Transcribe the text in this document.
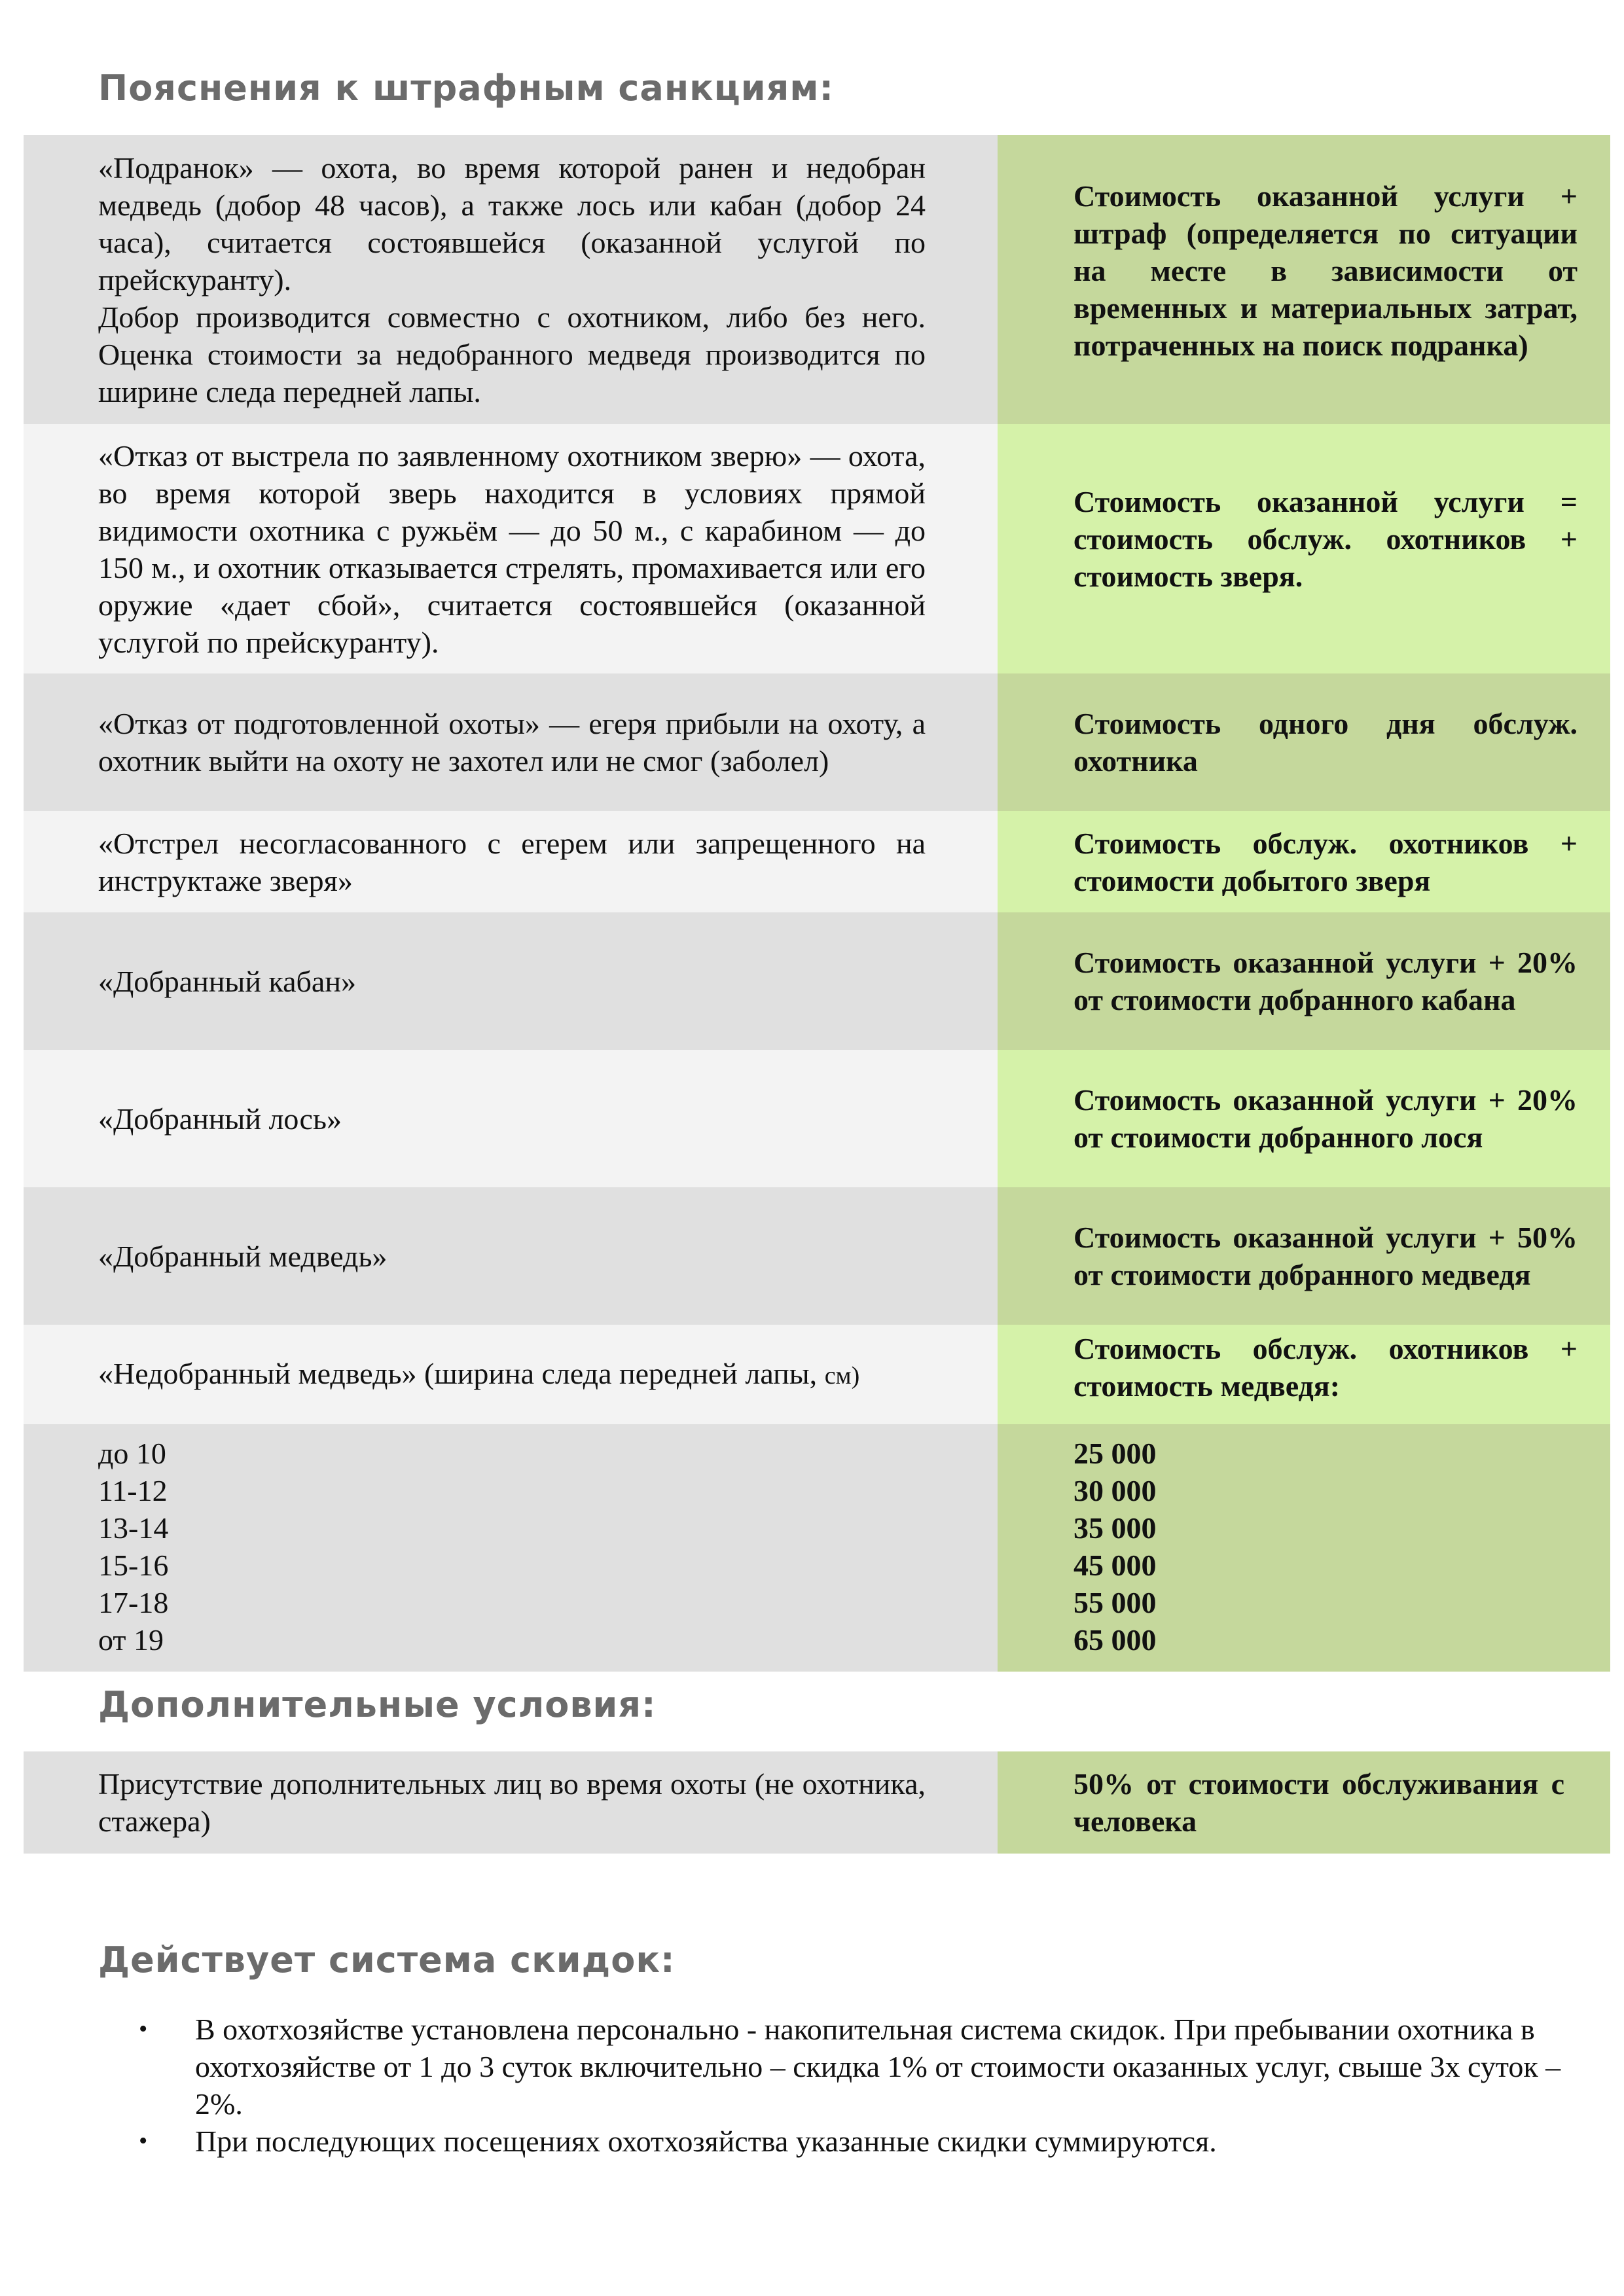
Пояснения к штрафным санкциям:
«Подранок» — охота, во время которой ранен и недобран медведь (добор 48 часов), а также лось или кабан (добор 24 часа), считается состоявшейся (оказанной услугой по прейскуранту).
Добор производится совместно с охотником, либо без него. Оценка стоимости за недобранного медведя производится по ширине следа передней лапы.
Стоимость оказанной услуги + штраф (определяется по ситуации на месте в зависимости от временных и материальных затрат, потраченных на поиск подранка)
«Отказ от выстрела по заявленному охотником зверю» — охота, во время которой зверь находится в условиях прямой видимости охотника с ружьём — до 50 м., с карабином — до 150 м., и охотник отказывается стрелять, промахивается или его оружие «дает сбой», считается состоявшейся (оказанной услугой по прейскуранту).
Стоимость оказанной услуги = стоимость обслуж. охотников + стоимость зверя.
«Отказ от подготовленной охоты» — егеря прибыли на охоту, а охотник выйти на охоту не захотел или не смог (заболел)
Стоимость одного дня обслуж. охотника
«Отстрел несогласованного с егерем или запрещенного на инструктаже зверя»
Стоимость обслуж. охотников + стоимости добытого зверя
«Добранный кабан»
Стоимость оказанной услуги + 20% от стоимости добранного кабана
«Добранный лось»
Стоимость оказанной услуги + 20% от стоимости добранного лося
«Добранный медведь»
Стоимость оказанной услуги + 50% от стоимости добранного медведя
«Недобранный медведь» (ширина следа передней лапы, см)
Стоимость обслуж. охотников + стоимость медведя:
до 10
11-12
13-14
15-16
17-18
от 19
25 000
30 000
35 000
45 000
55 000
65 000
Дополнительные условия:
Присутствие дополнительных лиц во время охоты (не охотника, стажера)
50% от стоимости обслуживания с человека
Действует система скидок:
• В охотхозяйстве установлена персонально - накопительная система скидок. При пребывании охотника в охотхозяйстве от 1 до 3 суток включительно – скидка 1% от стоимости оказанных услуг, свыше 3х суток – 2%.
• При последующих посещениях охотхозяйства указанные скидки суммируются.
